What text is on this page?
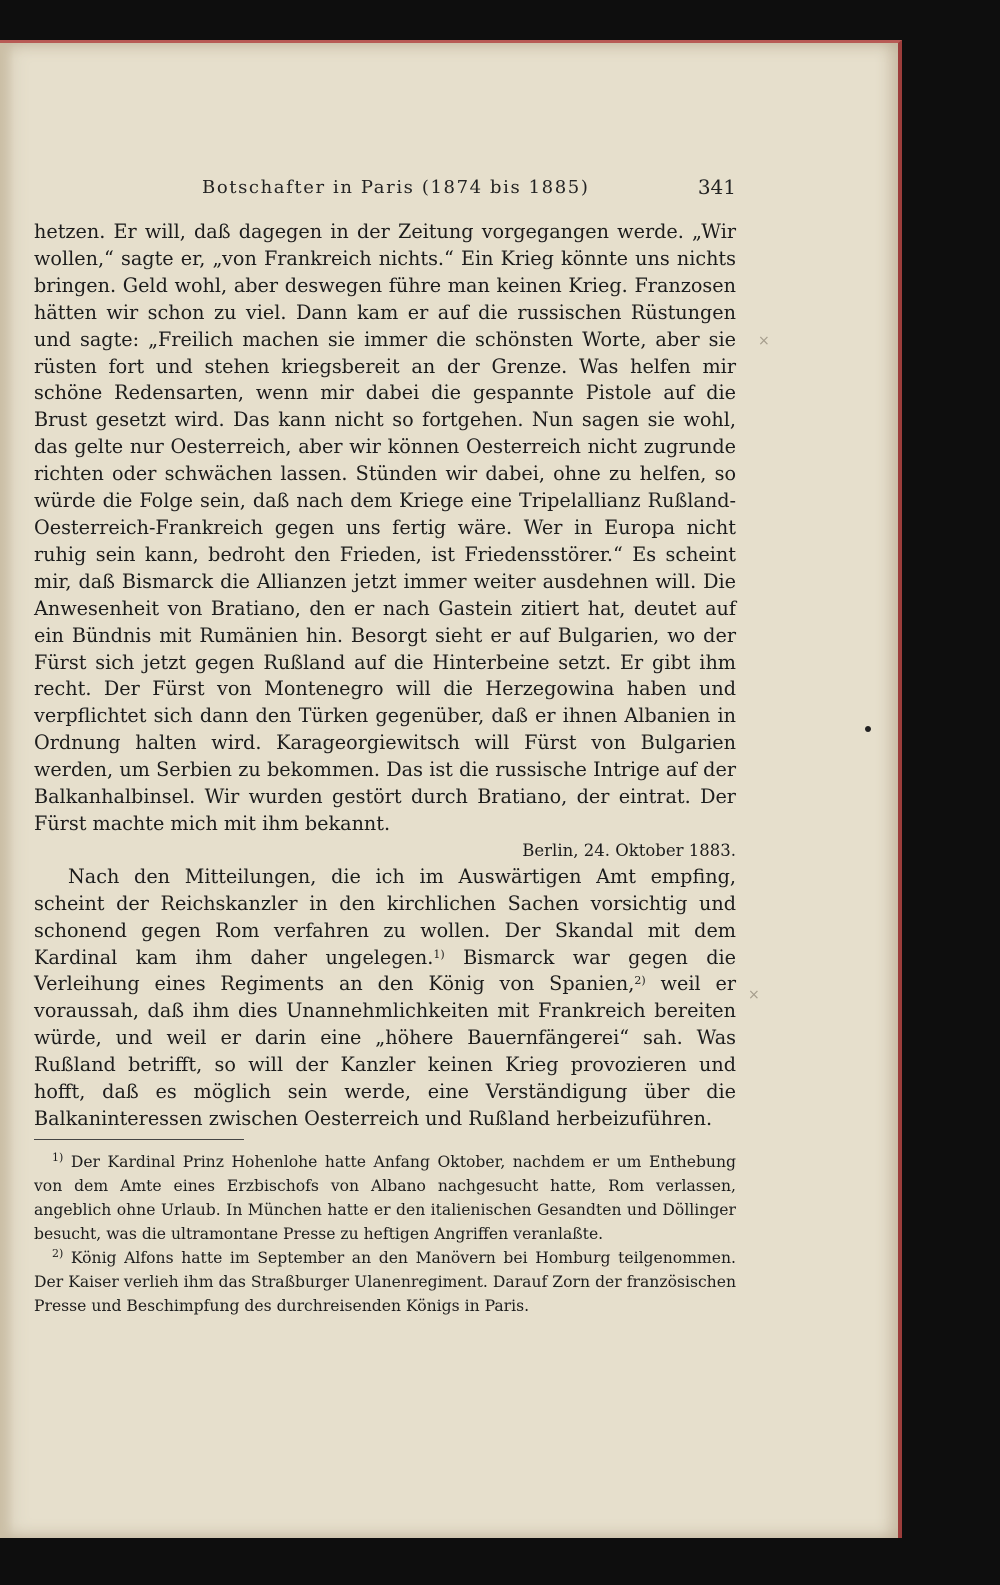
Botschafter in Paris (1874 bis 1885)	341

hetzen. Er will, daß dagegen in der Zeitung vorgegangen werde. „Wir wollen,“ sagte er, „von Frankreich nichts.“ Ein Krieg könnte uns nichts bringen. Geld wohl, aber deswegen führe man keinen Krieg. Franzosen hätten wir schon zu viel. Dann kam er auf die russischen Rüstungen und sagte: „Freilich machen sie immer die schönsten Worte, aber sie rüsten fort und stehen kriegsbereit an der Grenze. Was helfen mir schöne Redensarten, wenn mir dabei die gespannte Pistole auf die Brust gesetzt wird. Das kann nicht so fortgehen. Nun sagen sie wohl, das gelte nur Oesterreich, aber wir können Oesterreich nicht zugrunde richten oder schwächen lassen. Stünden wir dabei, ohne zu helfen, so würde die Folge sein, daß nach dem Kriege eine Tripelallianz Rußland-Oesterreich-Frankreich gegen uns fertig wäre. Wer in Europa nicht ruhig sein kann, bedroht den Frieden, ist Friedensstörer.“ Es scheint mir, daß Bismarck die Allianzen jetzt immer weiter ausdehnen will. Die Anwesenheit von Bratiano, den er nach Gastein zitiert hat, deutet auf ein Bündnis mit Rumänien hin. Besorgt sieht er auf Bulgarien, wo der Fürst sich jetzt gegen Rußland auf die Hinterbeine setzt. Er gibt ihm recht. Der Fürst von Montenegro will die Herzegowina haben und verpflichtet sich dann den Türken gegenüber, daß er ihnen Albanien in Ordnung halten wird. Karageorgiewitsch will Fürst von Bulgarien werden, um Serbien zu bekommen. Das ist die russische Intrige auf der Balkanhalbinsel. Wir wurden gestört durch Bratiano, der eintrat. Der Fürst machte mich mit ihm bekannt.

Berlin, 24. Oktober 1883.

Nach den Mitteilungen, die ich im Auswärtigen Amt empfing, scheint der Reichskanzler in den kirchlichen Sachen vorsichtig und schonend gegen Rom verfahren zu wollen. Der Skandal mit dem Kardinal kam ihm daher ungelegen.$^{1)}$ Bismarck war gegen die Verleihung eines Regiments an den König von Spanien,$^{2)}$ weil er voraussah, daß ihm dies Unannehmlichkeiten mit Frankreich bereiten würde, und weil er darin eine „höhere Bauernfängerei“ sah. Was Rußland betrifft, so will der Kanzler keinen Krieg provozieren und hofft, daß es möglich sein werde, eine Verständigung über die Balkaninteressen zwischen Oesterreich und Rußland herbeizuführen.

$^{1)}$ Der Kardinal Prinz Hohenlohe hatte Anfang Oktober, nachdem er um Enthebung von dem Amte eines Erzbischofs von Albano nachgesucht hatte, Rom verlassen, angeblich ohne Urlaub. In München hatte er den italienischen Gesandten und Döllinger besucht, was die ultramontane Presse zu heftigen Angriffen veranlaßte.

$^{2)}$ König Alfons hatte im September an den Manövern bei Homburg teilgenommen. Der Kaiser verlieh ihm das Straßburger Ulanenregiment. Darauf Zorn der französischen Presse und Beschimpfung des durchreisenden Königs in Paris.

×
×
